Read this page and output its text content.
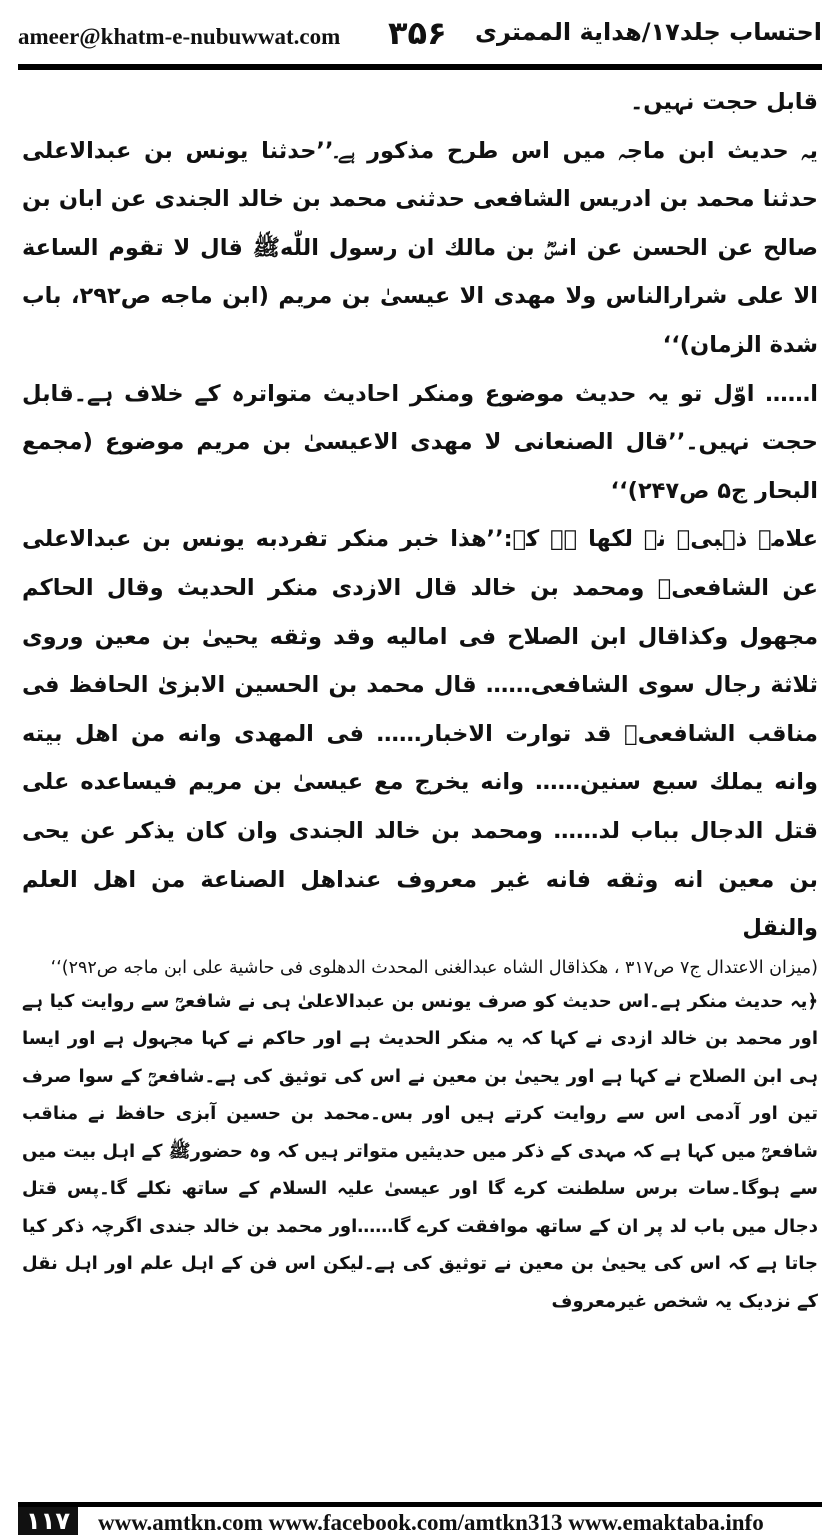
ameer@khatm-e-nubuwwat.com ۳۵۶ احتساب جلد۱۷/هداية الممترى

قابل حجت نہیں۔

یہ حدیث ابن ماجہ میں اس طرح مذکور ہے۔’’حدثنا یونس بن عبدالاعلی حدثنا محمد بن ادریس الشافعی حدثنی محمد بن خالد الجندی عن ابان بن صالح عن الحسن عن انسؓ بن مالك ان رسول اللّٰهﷺ قال لا تقوم الساعة الا علی شرارالناس ولا مهدی الا عیسیٰ بن مریم (ابن ماجه ص۲۹۲، باب شدة الزمان)‘‘

ا…… اوّل تو یہ حدیث موضوع ومنکر احادیث متواترہ کے خلاف ہے۔قابل حجت نہیں۔’’قال الصنعانی لا مهدی الاعیسیٰ بن مریم موضوع (مجمع البحار ج۵ ص۲۴۷)‘‘

علامہ ذہبیؒ نے لکھا ہے کہ:’’هذا خبر منکر تفردبه یونس بن عبدالاعلی عن الشافعیؒ ومحمد بن خالد قال الازدی منکر الحدیث وقال الحاکم مجهول وکذاقال ابن الصلاح فی امالیه وقد وثقه یحییٰ بن معین وروی ثلاثة رجال سوی الشافعی…… قال محمد بن الحسین الابزیٰ الحافظ فی مناقب الشافعیؒ قد توارت الاخبار…… فی المهدی وانه من اهل بیته وانه یملك سبع سنین…… وانه یخرج مع عیسیٰ بن مریم فیساعده علی قتل الدجال بباب لد…… ومحمد بن خالد الجندی وان کان یذکر عن یحی بن معین انه وثقه فانه غیر معروف عنداهل الصناعة من اهل العلم والنقل

(میزان الاعتدال ج۷ ص۳۱۷ ، هکذاقال الشاه عبدالغنی المحدث الدهلوی فی حاشیة علی ابن ماجه ص۲۹۲)‘‘

﴿یہ حدیث منکر ہے۔اس حدیث کو صرف یونس بن عبدالاعلیٰ ہی نے شافعیؒ سے روایت کیا ہے اور محمد بن خالد ازدی نے کہا کہ یہ منکر الحدیث ہے اور حاکم نے کہا مجہول ہے اور ایسا ہی ابن الصلاح نے کہا ہے اور یحییٰ بن معین نے اس کی توثیق کی ہے۔شافعیؒ کے سوا صرف تین اور آدمی اس سے روایت کرتے ہیں اور بس۔محمد بن حسین آبزی حافظ نے مناقب شافعیؒ میں کہا ہے کہ مہدی کے ذکر میں حدیثیں متواتر ہیں کہ وہ حضورﷺ کے اہل بیت میں سے ہوگا۔سات برس سلطنت کرے گا اور عیسیٰ علیہ السلام کے ساتھ نکلے گا۔پس قتل دجال میں باب لد پر ان کے ساتھ موافقت کرے گا……اور محمد بن خالد جندی اگرچہ ذکر کیا جاتا ہے کہ اس کی یحییٰ بن معین نے توثیق کی ہے۔لیکن اس فن کے اہل علم اور اہل نقل کے نزدیک یہ شخص غیرمعروف

۱۱۷	www.amtkn.com www.facebook.com/amtkn313 www.emaktaba.info
